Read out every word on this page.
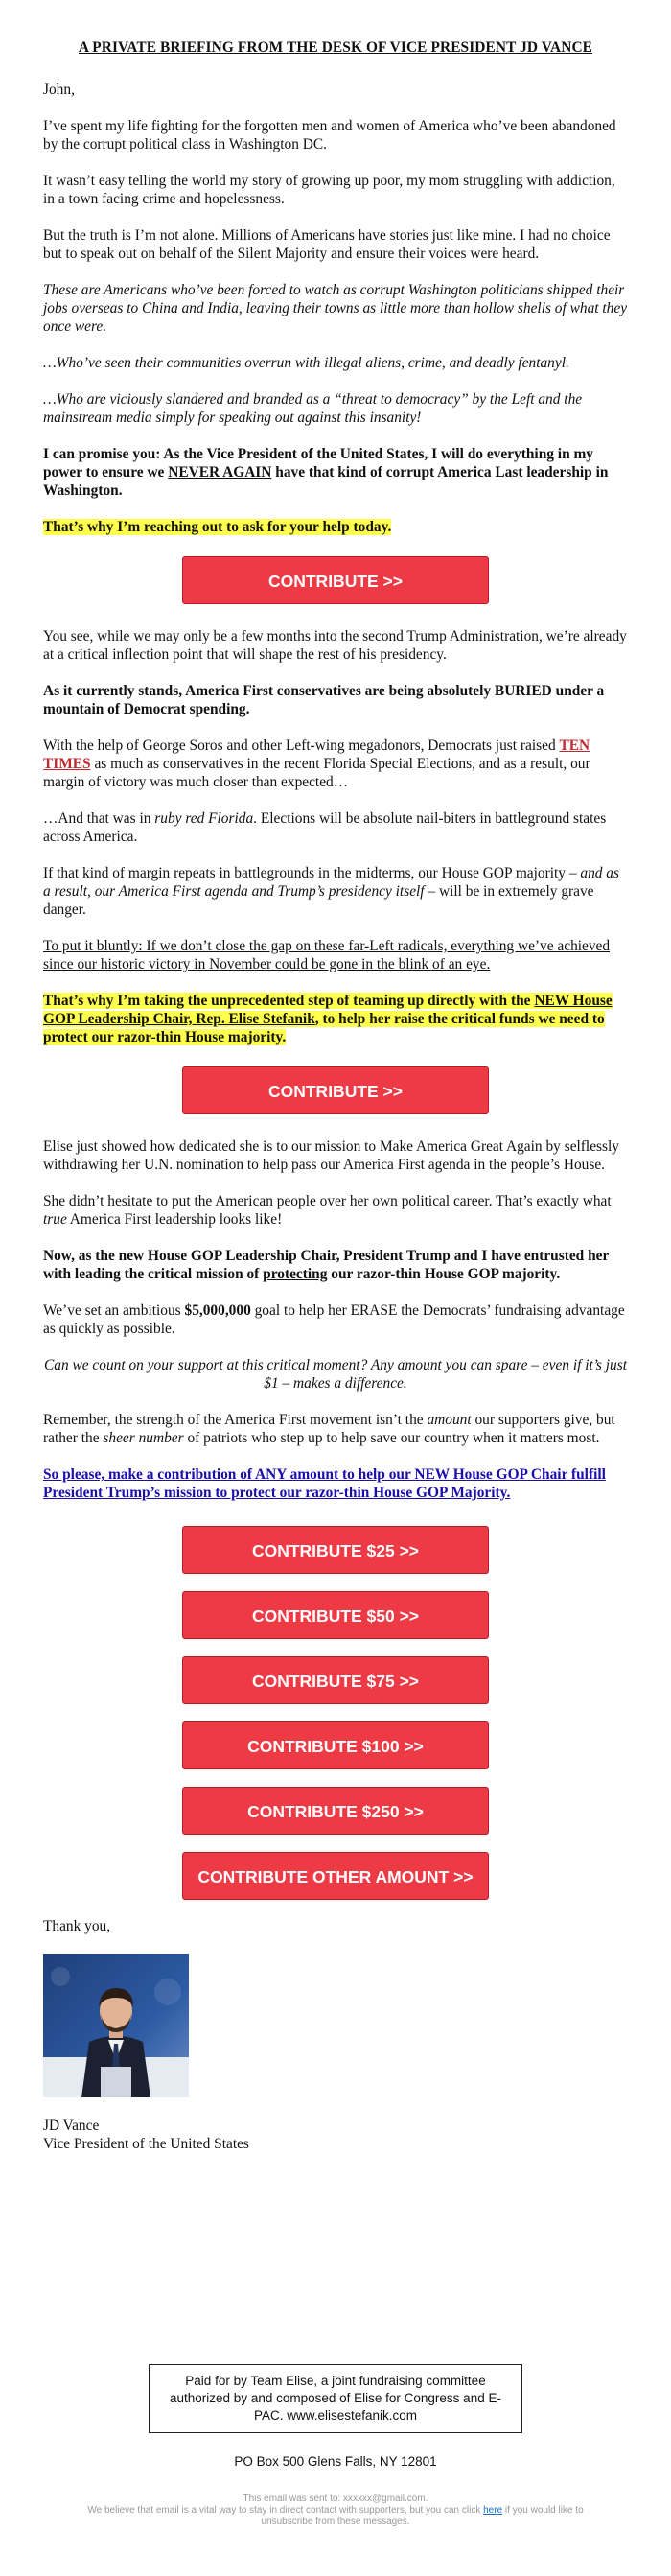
A PRIVATE BRIEFING FROM THE DESK OF VICE PRESIDENT JD VANCE

John,

I’ve spent my life fighting for the forgotten men and women of America who’ve been abandoned by the corrupt political class in Washington DC.

It wasn’t easy telling the world my story of growing up poor, my mom struggling with addiction, in a town facing crime and hopelessness.

But the truth is I’m not alone. Millions of Americans have stories just like mine. I had no choice but to speak out on behalf of the Silent Majority and ensure their voices were heard.

These are Americans who’ve been forced to watch as corrupt Washington politicians shipped their jobs overseas to China and India, leaving their towns as little more than hollow shells of what they once were.

…Who’ve seen their communities overrun with illegal aliens, crime, and deadly fentanyl.

…Who are viciously slandered and branded as a “threat to democracy” by the Left and the mainstream media simply for speaking out against this insanity!

I can promise you: As the Vice President of the United States, I will do everything in my power to ensure we NEVER AGAIN have that kind of corrupt America Last leadership in Washington.

That’s why I’m reaching out to ask for your help today.

CONTRIBUTE >>

You see, while we may only be a few months into the second Trump Administration, we’re already at a critical inflection point that will shape the rest of his presidency.

As it currently stands, America First conservatives are being absolutely BURIED under a mountain of Democrat spending.

With the help of George Soros and other Left-wing megadonors, Democrats just raised TEN TIMES as much as conservatives in the recent Florida Special Elections, and as a result, our margin of victory was much closer than expected…

…And that was in ruby red Florida. Elections will be absolute nail-biters in battleground states across America.

If that kind of margin repeats in battlegrounds in the midterms, our House GOP majority – and as a result, our America First agenda and Trump’s presidency itself – will be in extremely grave danger.

To put it bluntly: If we don’t close the gap on these far-Left radicals, everything we’ve achieved since our historic victory in November could be gone in the blink of an eye.

That’s why I’m taking the unprecedented step of teaming up directly with the NEW House GOP Leadership Chair, Rep. Elise Stefanik, to help her raise the critical funds we need to protect our razor-thin House majority.

CONTRIBUTE >>

Elise just showed how dedicated she is to our mission to Make America Great Again by selflessly withdrawing her U.N. nomination to help pass our America First agenda in the people’s House.

She didn’t hesitate to put the American people over her own political career. That’s exactly what true America First leadership looks like!

Now, as the new House GOP Leadership Chair, President Trump and I have entrusted her with leading the critical mission of protecting our razor-thin House GOP majority.

We’ve set an ambitious $5,000,000 goal to help her ERASE the Democrats’ fundraising advantage as quickly as possible.

Can we count on your support at this critical moment? Any amount you can spare – even if it’s just $1 – makes a difference.

Remember, the strength of the America First movement isn’t the amount our supporters give, but rather the sheer number of patriots who step up to help save our country when it matters most.

So please, make a contribution of ANY amount to help our NEW House GOP Chair fulfill President Trump’s mission to protect our razor-thin House GOP Majority.

CONTRIBUTE $25 >>
CONTRIBUTE $50 >>
CONTRIBUTE $75 >>
CONTRIBUTE $100 >>
CONTRIBUTE $250 >>
CONTRIBUTE OTHER AMOUNT >>

Thank you,

JD Vance

Vice President of the United States

Paid for by Team Elise, a joint fundraising committee authorized by and composed of Elise for Congress and E-PAC. www.elisestefanik.com
PO Box 500 Glens Falls, NY 12801
This email was sent to: xxxxxx@gmail.com.
We believe that email is a vital way to stay in direct contact with supporters, but you can click here if you would like to unsubscribe from these messages.
